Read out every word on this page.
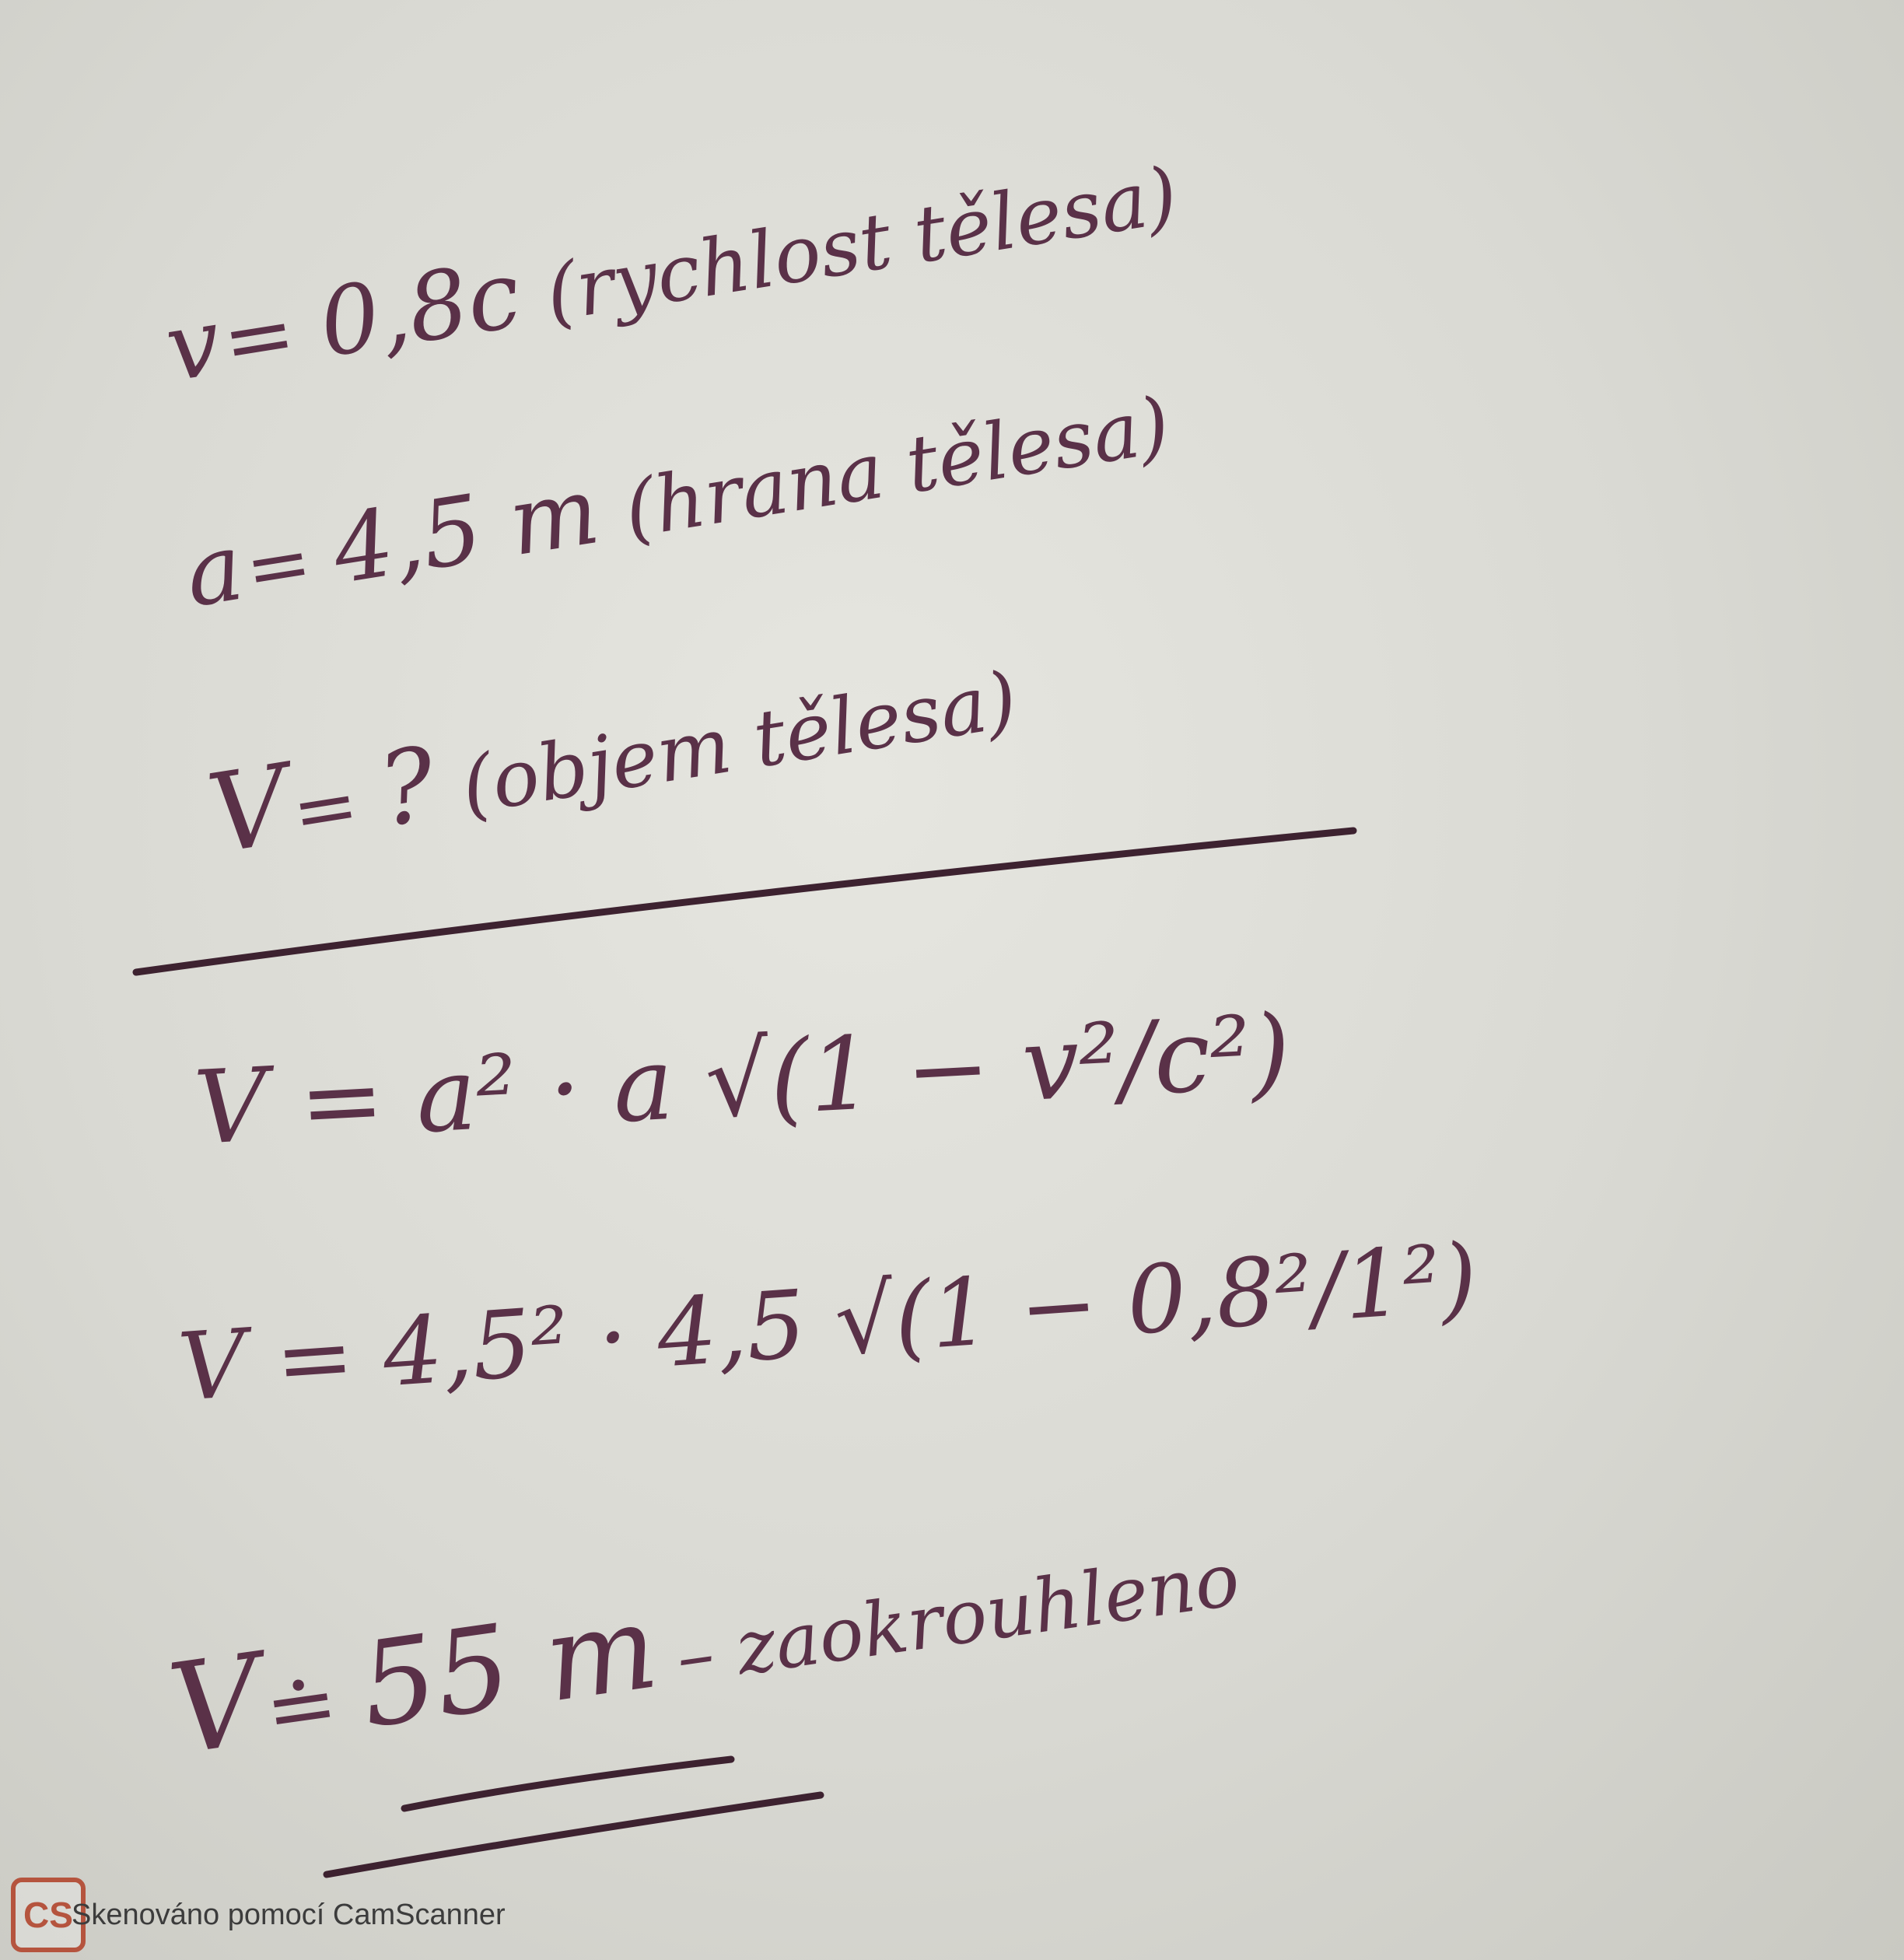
v = 0,8c (rychlost tělesa)
a = 4,5 m (hrana tělesa)
V = ? (objem tělesa)
V = a² · a √(1 − v²/c²)
V = 4,5² · 4,5 √(1 − 0,8²/1²)
V ≐ 55 m – zaokrouhleno
CS
Skenováno pomocí CamScanner
